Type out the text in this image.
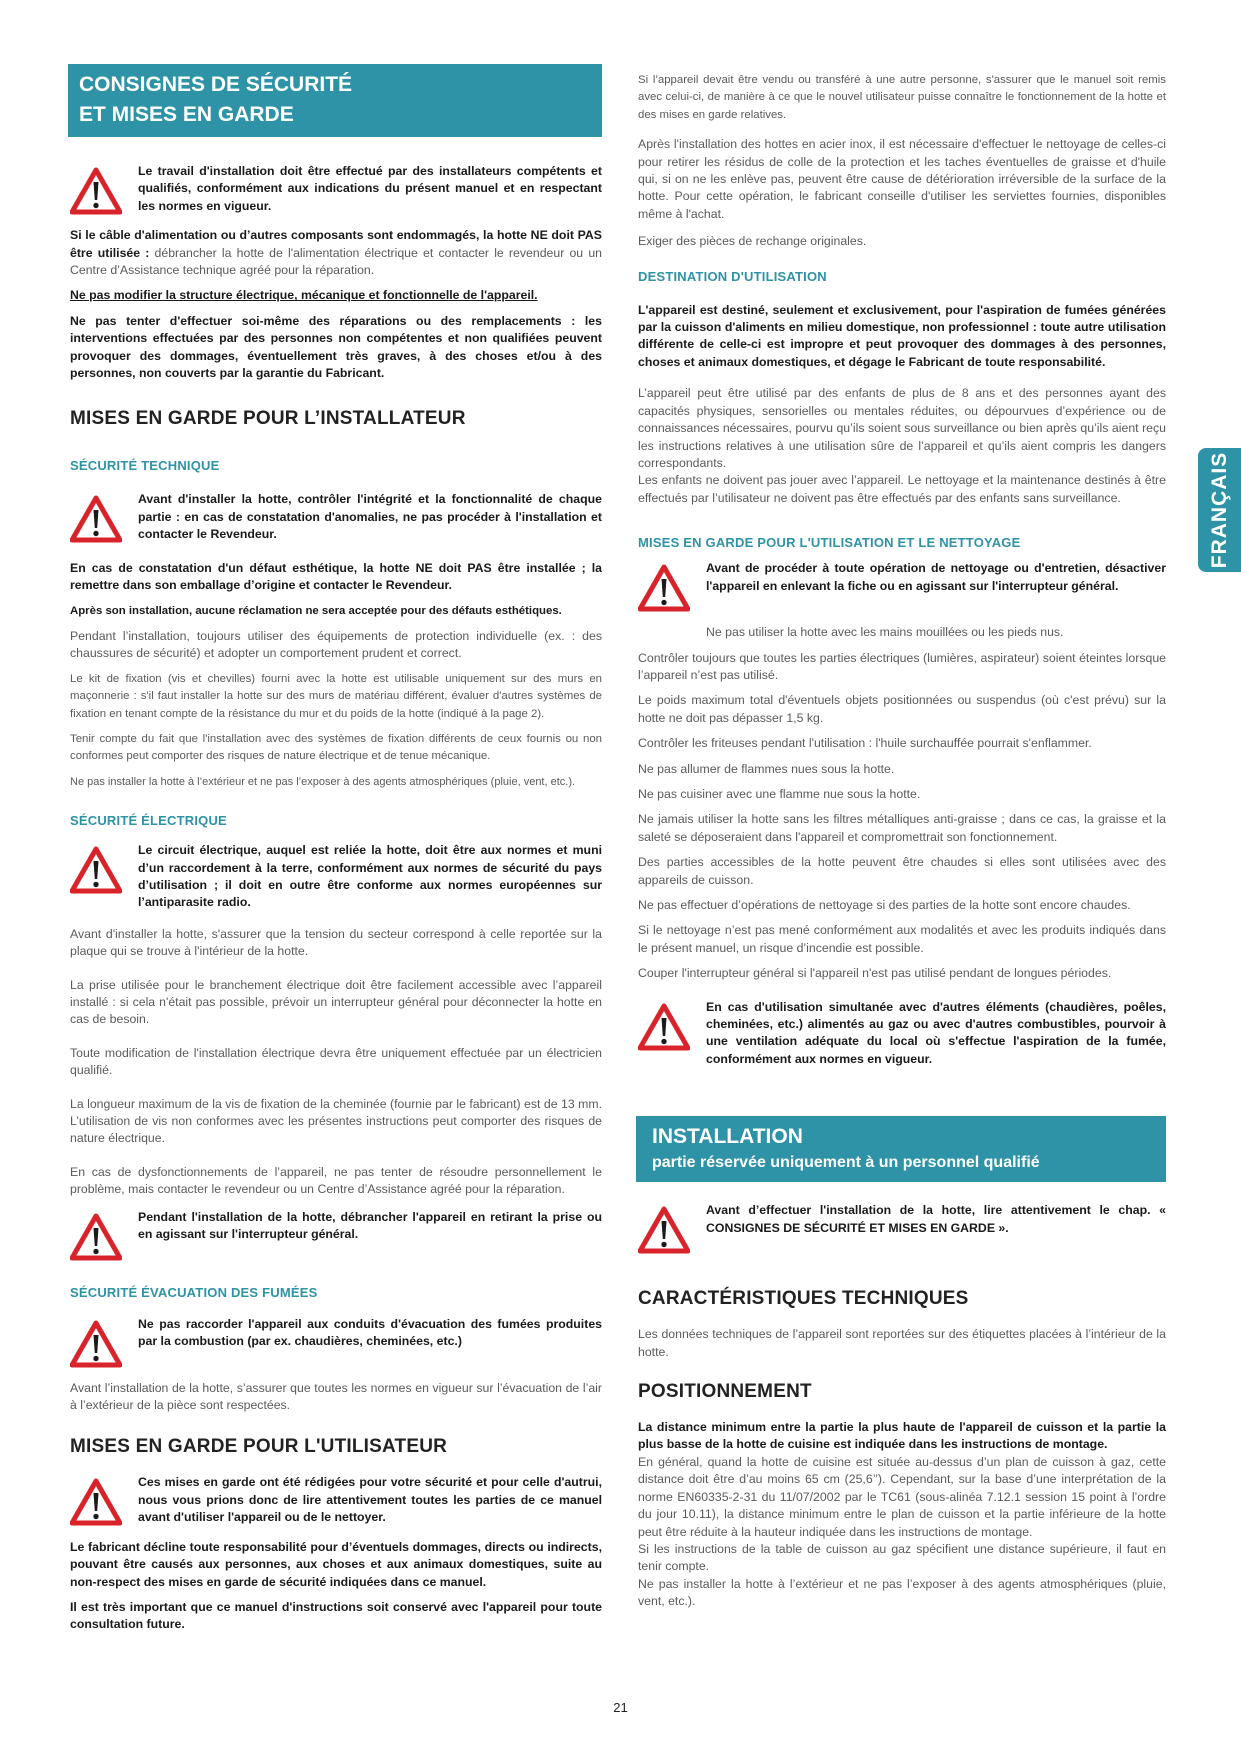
CONSIGNES DE SÉCURITÉ
ET MISES EN GARDE

Le travail d'installation doit être effectué par des installateurs compétents et qualifiés, conformément aux indications du présent manuel et en respectant les normes en vigueur.

Si le câble d'alimentation ou d’autres composants sont endommagés, la hotte NE doit PAS être utilisée : débrancher la hotte de l'alimentation électrique et contacter le revendeur ou un Centre d’Assistance technique agréé pour la réparation.

Ne pas modifier la structure électrique, mécanique et fonctionnelle de l'appareil.

Ne pas tenter d'effectuer soi-même des réparations ou des remplacements : les interventions effectuées par des personnes non compétentes et non qualifiées peuvent provoquer des dommages, éventuellement très graves, à des choses et/ou à des personnes, non couverts par la garantie du Fabricant.

MISES EN GARDE POUR L’INSTALLATEUR
SÉCURITÉ TECHNIQUE

Avant d'installer la hotte, contrôler l'intégrité et la fonctionnalité de chaque partie : en cas de constatation d'anomalies, ne pas procéder à l'installation et contacter le Revendeur.

En cas de constatation d'un défaut esthétique, la hotte NE doit PAS être installée ; la remettre dans son emballage d’origine et contacter le Revendeur.

Après son installation, aucune réclamation ne sera acceptée pour des défauts esthétiques.

Pendant l’installation, toujours utiliser des équipements de protection individuelle (ex. : des chaussures de sécurité) et adopter un comportement prudent et correct.

Le kit de fixation (vis et chevilles) fourni avec la hotte est utilisable uniquement sur des murs en maçonnerie : s'il faut installer la hotte sur des murs de matériau différent, évaluer d'autres systèmes de fixation en tenant compte de la résistance du mur et du poids de la hotte (indiqué à la page 2).

Tenir compte du fait que l'installation avec des systèmes de fixation différents de ceux fournis ou non conformes peut comporter des risques de nature électrique et de tenue mécanique.

Ne pas installer la hotte à l’extérieur et ne pas l’exposer à des agents atmosphériques (pluie, vent, etc.).

SÉCURITÉ ÉLECTRIQUE

Le circuit électrique, auquel est reliée la hotte, doit être aux normes et muni d’un raccordement à la terre, conformément aux normes de sécurité du pays d’utilisation ; il doit en outre être conforme aux normes européennes sur l’antiparasite radio.

Avant d'installer la hotte, s'assurer que la tension du secteur correspond à celle reportée sur la plaque qui se trouve à l'intérieur de la hotte.

La prise utilisée pour le branchement électrique doit être facilement accessible avec l’appareil installé : si cela n'était pas possible, prévoir un interrupteur général pour déconnecter la hotte en cas de besoin.

Toute modification de l'installation électrique devra être uniquement effectuée par un électricien qualifié.

La longueur maximum de la vis de fixation de la cheminée (fournie par le fabricant) est de 13 mm. L’utilisation de vis non conformes avec les présentes instructions peut comporter des risques de nature électrique.

En cas de dysfonctionnements de l’appareil, ne pas tenter de résoudre personnellement le problème, mais contacter le revendeur ou un Centre d’Assistance agréé pour la réparation.

Pendant l'installation de la hotte, débrancher l'appareil en retirant la prise ou en agissant sur l'interrupteur général.

SÉCURITÉ ÉVACUATION DES FUMÉES

Ne pas raccorder l'appareil aux conduits d'évacuation des fumées produites par la combustion (par ex. chaudières, cheminées, etc.)

Avant l’installation de la hotte, s’assurer que toutes les normes en vigueur sur l’évacuation de l’air à l’extérieur de la pièce sont respectées.

MISES EN GARDE POUR L'UTILISATEUR

Ces mises en garde ont été rédigées pour votre sécurité et pour celle d'autrui, nous vous prions donc de lire attentivement toutes les parties de ce manuel avant d'utiliser l'appareil ou de le nettoyer.

Le fabricant décline toute responsabilité pour d’éventuels dommages, directs ou indirects, pouvant être causés aux personnes, aux choses et aux animaux domestiques, suite au non-respect des mises en garde de sécurité indiquées dans ce manuel.

Il est très important que ce manuel d'instructions soit conservé avec l'appareil pour toute consultation future.

Si l’appareil devait être vendu ou transféré à une autre personne, s'assurer que le manuel soit remis avec celui-ci, de manière à ce que le nouvel utilisateur puisse connaître le fonctionnement de la hotte et des mises en garde relatives.

Après l'installation des hottes en acier inox, il est nécessaire d'effectuer le nettoyage de celles-ci pour retirer les résidus de colle de la protection et les taches éventuelles de graisse et d'huile qui, si on ne les enlève pas, peuvent être cause de détérioration irréversible de la surface de la hotte. Pour cette opération, le fabricant conseille d'utiliser les serviettes fournies, disponibles même à l'achat.

Exiger des pièces de rechange originales.

DESTINATION D'UTILISATION

L'appareil est destiné, seulement et exclusivement, pour l'aspiration de fumées générées par la cuisson d'aliments en milieu domestique, non professionnel : toute autre utilisation différente de celle-ci est impropre et peut provoquer des dommages à des personnes, choses et animaux domestiques, et dégage le Fabricant de toute responsabilité.

L’appareil peut être utilisé par des enfants de plus de 8 ans et des personnes ayant des capacités physiques, sensorielles ou mentales réduites, ou dépourvues d’expérience ou de connaissances nécessaires, pourvu qu’ils soient sous surveillance ou bien après qu’ils aient reçu les instructions relatives à une utilisation sûre de l’appareil et qu’ils aient compris les dangers correspondants.

Les enfants ne doivent pas jouer avec l’appareil. Le nettoyage et la maintenance destinés à être effectués par l’utilisateur ne doivent pas être effectués par des enfants sans surveillance.

MISES EN GARDE POUR L'UTILISATION ET LE NETTOYAGE

Avant de procéder à toute opération de nettoyage ou d'entretien, désactiver l'appareil en enlevant la fiche ou en agissant sur l'interrupteur général.

Ne pas utiliser la hotte avec les mains mouillées ou les pieds nus.

Contrôler toujours que toutes les parties électriques (lumières, aspirateur) soient éteintes lorsque l’appareil n’est pas utilisé.

Le poids maximum total d'éventuels objets positionnées ou suspendus (où c'est prévu) sur la hotte ne doit pas dépasser 1,5 kg.

Contrôler les friteuses pendant l'utilisation : l'huile surchauffée pourrait s'enflammer.

Ne pas allumer de flammes nues sous la hotte.

Ne pas cuisiner avec une flamme nue sous la hotte.

Ne jamais utiliser la hotte sans les filtres métalliques anti-graisse ; dans ce cas, la graisse et la saleté se déposeraient dans l'appareil et compromettrait son fonctionnement.

Des parties accessibles de la hotte peuvent être chaudes si elles sont utilisées avec des appareils de cuisson.

Ne pas effectuer d’opérations de nettoyage si des parties de la hotte sont encore chaudes.

Si le nettoyage n’est pas mené conformément aux modalités et avec les produits indiqués dans le présent manuel, un risque d’incendie est possible.

Couper l'interrupteur général si l'appareil n'est pas utilisé pendant de longues périodes.

En cas d'utilisation simultanée avec d'autres éléments (chaudières, poêles, cheminées, etc.) alimentés au gaz ou avec d'autres combustibles, pourvoir à une ventilation adéquate du local où s'effectue l'aspiration de la fumée, conformément aux normes en vigueur.

INSTALLATION
partie réservée uniquement à un personnel qualifié

Avant d’effectuer l'installation de la hotte, lire attentivement le chap. « CONSIGNES DE SÉCURITÉ ET MISES EN GARDE ».

CARACTÉRISTIQUES TECHNIQUES

Les données techniques de l’appareil sont reportées sur des étiquettes placées à l’intérieur de la hotte.

POSITIONNEMENT

La distance minimum entre la partie la plus haute de l'appareil de cuisson et la partie la plus basse de la hotte de cuisine est indiquée dans les instructions de montage.

En général, quand la hotte de cuisine est située au-dessus d’un plan de cuisson à gaz, cette distance doit être d’au moins 65 cm (25,6’’). Cependant, sur la base d’une interprétation de la norme EN60335-2-31 du 11/07/2002 par le TC61 (sous-alinéa 7.12.1 session 15 point à l’ordre du jour 10.11), la distance minimum entre le plan de cuisson et la partie inférieure de la hotte peut être réduite à la hauteur indiquée dans les instructions de montage.

Si les instructions de la table de cuisson au gaz spécifient une distance supérieure, il faut en tenir compte.

Ne pas installer la hotte à l’extérieur et ne pas l’exposer à des agents atmosphériques (pluie, vent, etc.).

FRANÇAIS
21
